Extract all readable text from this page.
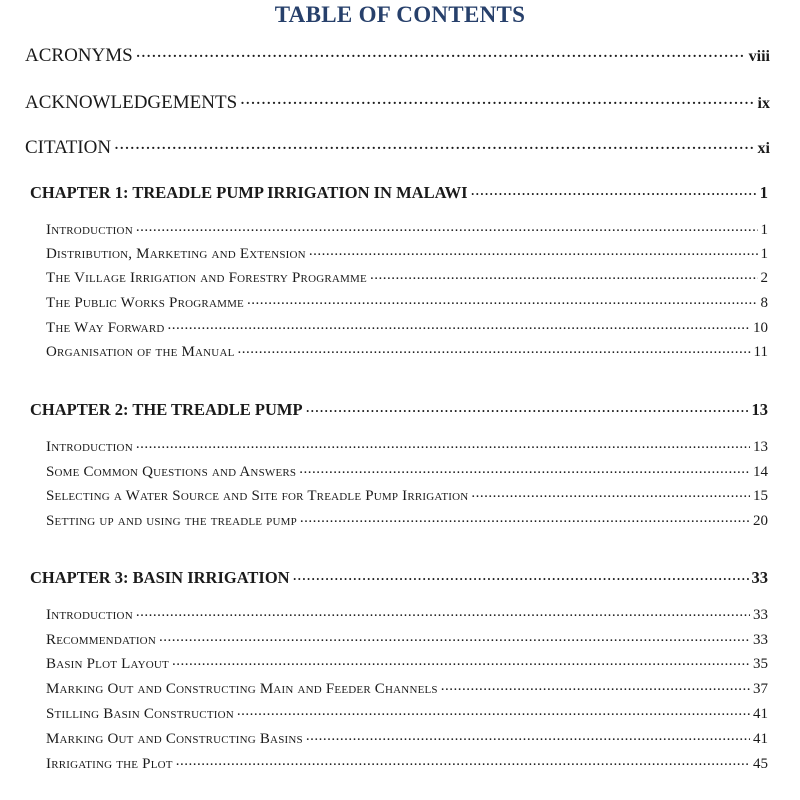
TABLE OF CONTENTS
ACRONYMS .....	viii
ACKNOWLEDGEMENTS .....	ix
CITATION .....	xi
CHAPTER 1: TREADLE PUMP IRRIGATION IN MALAWI .....	1
Introduction .....	1
Distribution, Marketing and Extension .....	1
The Village Irrigation and Forestry Programme .....	2
The Public Works Programme .....	8
The Way Forward .....	10
Organisation of the Manual .....	11
CHAPTER 2: THE TREADLE PUMP .....	13
Introduction .....	13
Some Common Questions and Answers .....	14
Selecting a Water Source and Site for Treadle Pump Irrigation .....	15
Setting up and using the treadle pump .....	20
CHAPTER 3: BASIN IRRIGATION .....	33
Introduction .....	33
Recommendation .....	33
Basin Plot Layout .....	35
Marking Out and Constructing Main and Feeder Channels .....	37
Stilling Basin Construction .....	41
Marking Out and Constructing Basins .....	41
Irrigating the Plot .....	45
